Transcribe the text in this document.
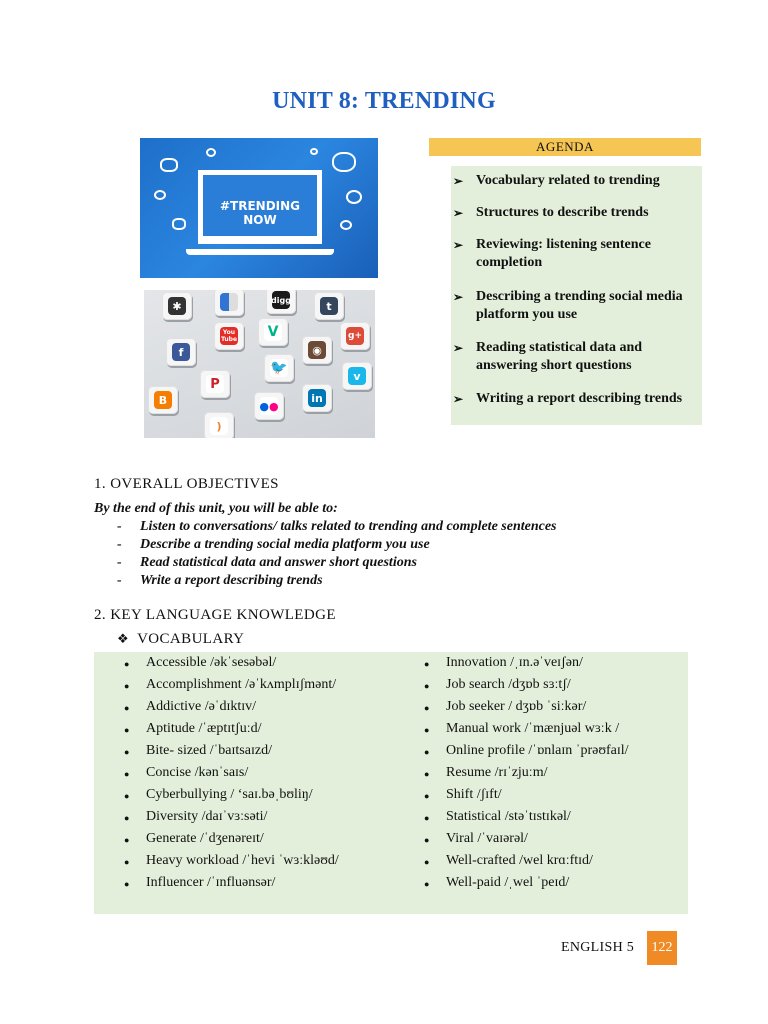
UNIT 8: TRENDING
#TRENDING NOW
✱	digg	t
You
Tube V	g+
f
🐦
◉
P
● ●
in
v
B
)
AGENDA
➢ Vocabulary related to trending
➢ Structures to describe trends
➢ Reviewing: listening sentence completion
➢ Describing a trending social media platform you use
➢ Reading statistical data and answering short questions
➢ Writing a report describing trends
1. OVERALL OBJECTIVES
By the end of this unit, you will be able to:
- Listen to conversations/ talks related to trending and complete sentences
- Describe a trending social media platform you use
- Read statistical data and answer short questions
- Write a report describing trends
2. KEY LANGUAGE KNOWLEDGE
❖ VOCABULARY
● Accessible /əkˈsesəbəl/
● Accomplishment /əˈkʌmplɪʃmənt/
● Addictive /əˈdɪktɪv/
● Aptitude /ˈæptɪtʃuːd/
● Bite- sized /ˈbaɪtsaɪzd/
● Concise /kənˈsaɪs/
● Cyberbullying / ‘saɪ.bəˌbʊliŋ/
● Diversity /daɪˈvɜːsəti/
● Generate /ˈdʒenəreɪt/
● Heavy workload /ˈhevi ˈwɜːkləʊd/
● Influencer /ˈɪnfluənsər/
● Innovation /ˌɪn.əˈveɪʃən/
● Job search /dʒɒb sɜːtʃ/
● Job seeker / dʒɒb ˈsiːkər/
● Manual work /ˈmænjuəl wɜːk /
● Online profile /ˈɒnlaɪn ˈprəʊfaɪl/
● Resume /rɪˈzjuːm/
● Shift /ʃɪft/
● Statistical /stəˈtɪstɪkəl/
● Viral /ˈvaɪərəl/
● Well-crafted /wel krɑːftɪd/
● Well-paid /ˌwel ˈpeɪd/
ENGLISH 5	122
